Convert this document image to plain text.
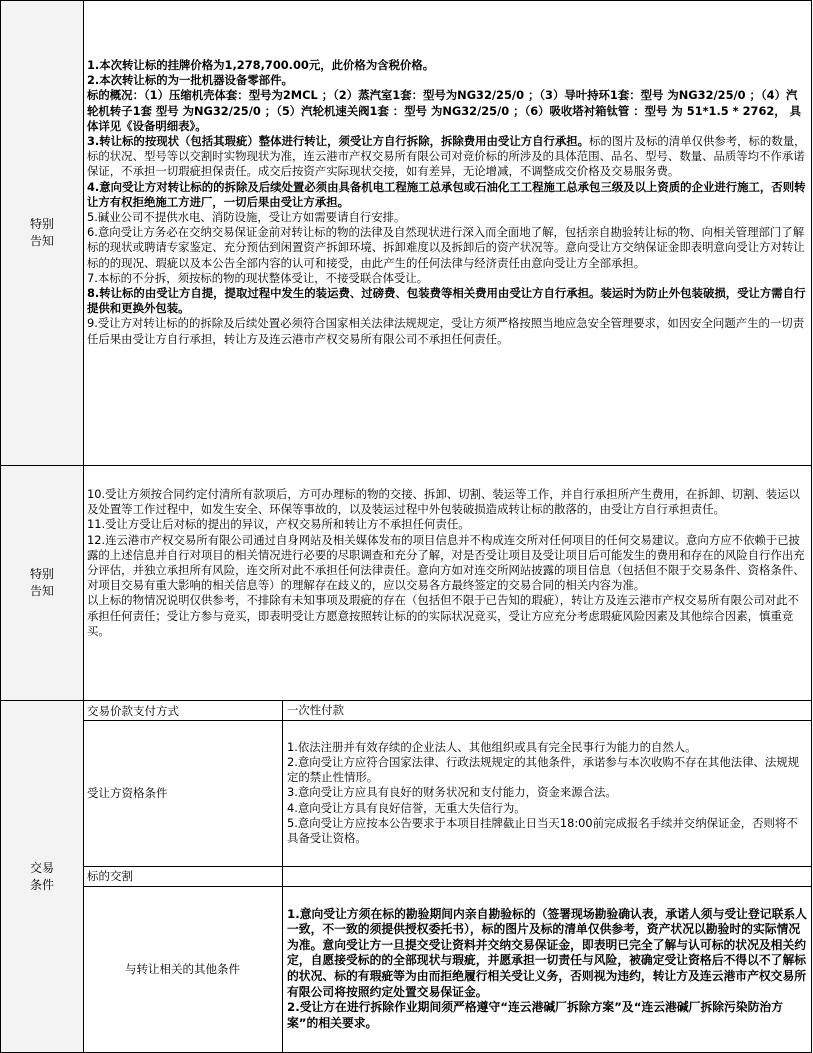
特别告知

1.本次转让标的挂牌价格为1,278,700.00元，此价格为含税价格。

2.本次转让标的为一批机器设备零部件。

标的概况：（1）压缩机壳体套：型号为2MCL ；（2）蒸汽室1套：型号为NG32/25/0 ；（3）导叶持环1套：型号 为NG32/25/0 ；（4）汽轮机转子1套 型号 为NG32/25/0 ；（5）汽轮机速关阀1套 ：型号 为NG32/25/0 ；（6）吸收塔衬箱钛管 ：型号 为 51*1.5 * 2762， 具体详见《设备明细表》。

3.转让标的按现状（包括其瑕疵）整体进行转让，须受让方自行拆除，拆除费用由受让方自行承担。标的图片及标的清单仅供参考，标的数量，标的状况、型号等以交割时实物现状为准，连云港市产权交易所有限公司对竞价标的所涉及的具体范围、品名、型号、数量、品质等均不作承诺保证，不承担一切瑕疵担保责任。成交后按资产实际现状交接，如有差异，无论增减，不调整成交价格及交易服务费。

4.意向受让方对转让标的的拆除及后续处置必须由具备机电工程施工总承包或石油化工工程施工总承包三级及以上资质的企业进行施工，否则转让方有权拒绝施工方进厂，一切后果由受让方承担。

5.碱业公司不提供水电、消防设施，受让方如需要请自行安排。

6.意向受让方务必在交纳交易保证金前对转让标的物的法律及自然现状进行深入而全面地了解，包括亲自勘验转让标的物、向相关管理部门了解标的现状或聘请专家鉴定、充分预估到闲置资产拆卸环境、拆卸难度以及拆卸后的资产状况等。意向受让方交纳保证金即表明意向受让方对转让标的的现况、瑕疵以及本公告全部内容的认可和接受，由此产生的任何法律与经济责任由意向受让方全部承担。

7.本标的不分拆，须按标的物的现状整体受让，不接受联合体受让。

8.转让标的由受让方自提，提取过程中发生的装运费、过磅费、包装费等相关费用由受让方自行承担。装运时为防止外包装破损，受让方需自行提供和更换外包装。

9.受让方对转让标的的拆除及后续处置必须符合国家相关法律法规规定，受让方须严格按照当地应急安全管理要求，如因安全问题产生的一切责任后果由受让方自行承担，转让方及连云港市产权交易所有限公司不承担任何责任。

特别告知

10.受让方须按合同约定付清所有款项后，方可办理标的物的交接、拆卸、切割、装运等工作，并自行承担所产生费用，在拆卸、切割、装运以及处置等工作过程中，如发生安全、环保等事故的，以及装运过程中外包装破损造成转让标的散落的，由受让方自行承担责任。

11.受让方受让后对标的提出的异议，产权交易所和转让方不承担任何责任。

12.连云港市产权交易所有限公司通过自身网站及相关媒体发布的项目信息并不构成连交所对任何项目的任何交易建议。意向方应不依赖于已披露的上述信息并自行对项目的相关情况进行必要的尽职调查和充分了解，对是否受让项目及受让项目后可能发生的费用和存在的风险自行作出充分评估，并独立承担所有风险，连交所对此不承担任何法律责任。意向方如对连交所网站披露的项目信息（包括但不限于交易条件、资格条件、对项目交易有重大影响的相关信息等）的理解存在歧义的，应以交易各方最终签定的交易合同的相关内容为准。

以上标的物情况说明仅供参考，不排除有未知事项及瑕疵的存在（包括但不限于已告知的瑕疵），转让方及连云港市产权交易所有限公司对此不承担任何责任；受让方参与竞买，即表明受让方愿意按照转让标的的实际状况竞买，受让方应充分考虑瑕疵风险因素及其他综合因素，慎重竞买。

交易条件
交易价款支付方式	一次性付款
受让方资格条件

1.依法注册并有效存续的企业法人、其他组织或具有完全民事行为能力的自然人。

2.意向受让方应符合国家法律、行政法规规定的其他条件，承诺参与本次收购不存在其他法律、法规规定的禁止性情形。

3.意向受让方应具有良好的财务状况和支付能力，资金来源合法。

4.意向受让方具有良好信誉，无重大失信行为。

5.意向受让方应按本公告要求于本项目挂牌截止日当天18:00前完成报名手续并交纳保证金，否则将不具备受让资格。

标的交割
与转让相关的其他条件

1.意向受让方须在标的勘验期间内亲自勘验标的（签署现场勘验确认表，承诺人须与受让登记联系人一致，不一致的须提供授权委托书），标的图片及标的清单仅供参考，资产状况以勘验时的实际情况为准。意向受让方一旦提交受让资料并交纳交易保证金，即表明已完全了解与认可标的状况及相关约定，自愿接受标的的全部现状与瑕疵，并愿承担一切责任与风险，被确定受让资格后不得以不了解标的状况、标的有瑕疵等为由而拒绝履行相关受让义务，否则视为违约，转让方及连云港市产权交易所有限公司将按照约定处置交易保证金。

2.受让方在进行拆除作业期间须严格遵守“连云港碱厂拆除方案”及“连云港碱厂拆除污染防治方案”的相关要求。
